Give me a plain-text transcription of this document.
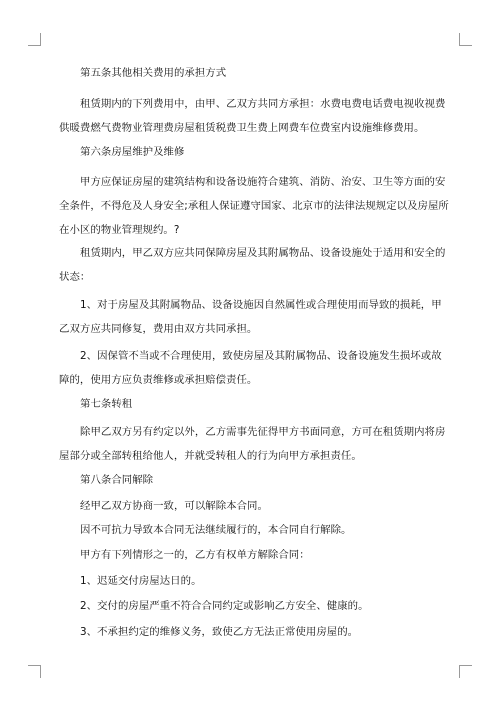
第五条其他相关费用的承担方式
租赁期内的下列费用中，由甲、乙双方共同方承担：水费电费电话费电视收视费
供暖费燃气费物业管理费房屋租赁税费卫生费上网费车位费室内设施维修费用。
第六条房屋维护及维修
甲方应保证房屋的建筑结构和设备设施符合建筑、消防、治安、卫生等方面的安
全条件，不得危及人身安全;承租人保证遵守国家、北京市的法律法规规定以及房屋所
在小区的物业管理规约。?
租赁期内，甲乙双方应共同保障房屋及其附属物品、设备设施处于适用和安全的
状态：
1、对于房屋及其附属物品、设备设施因自然属性或合理使用而导致的损耗，甲
乙双方应共同修复，费用由双方共同承担。
2、因保管不当或不合理使用，致使房屋及其附属物品、设备设施发生损坏或故
障的，使用方应负责维修或承担赔偿责任。
第七条转租
除甲乙双方另有约定以外，乙方需事先征得甲方书面同意，方可在租赁期内将房
屋部分或全部转租给他人，并就受转租人的行为向甲方承担责任。
第八条合同解除
经甲乙双方协商一致，可以解除本合同。
因不可抗力导致本合同无法继续履行的，本合同自行解除。
甲方有下列情形之一的，乙方有权单方解除合同：
1、迟延交付房屋达日的。
2、交付的房屋严重不符合合同约定或影响乙方安全、健康的。
3、不承担约定的维修义务，致使乙方无法正常使用房屋的。
